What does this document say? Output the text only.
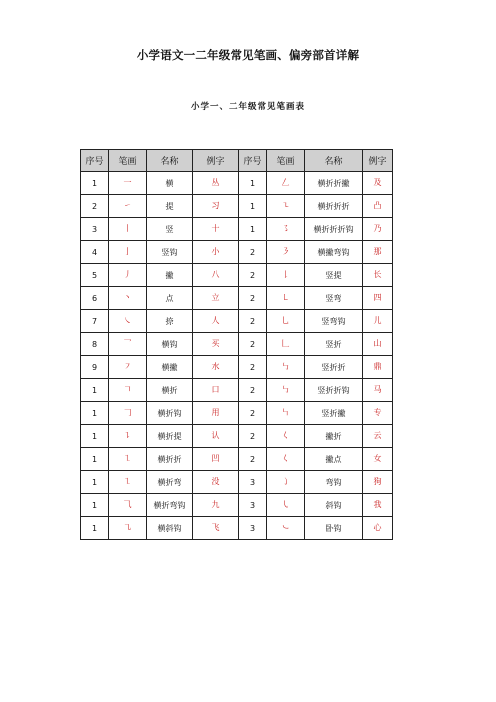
小学语文一二年级常见笔画、偏旁部首详解
小学一、二年级常见笔画表
序号	笔画	名称	例字	序号	笔画	名称	例字
1	一	横	丛	1	𠃋	横折折撇	及
2	㇀	提	习	1	㇍	横折折折	凸
3	丨	竖	十	1	㇌	横折折折钩	乃
4	亅	竖钩	小	2	㇋	横撇弯钩	那
5	丿	撇	八	2	𠄌	竖提	长
6	丶	点	立	2	㇄	竖弯	四
7	㇏	捺	人	2	乚	竖弯钩	儿
8	乛	横钩	买	2	𠃊	竖折	山
9	㇇	横撇	水	2	㇉	竖折折	鼎
1	𠃍	横折	口	2	㇉	竖折折钩	马
1	𠃌	横折钩	用	2	㇞	竖折撇	专
1	㇊	横折提	认	2	𡿨	撇折	云
1	㇅	横折折	凹	2	𡿨	撇点	女
1	㇅	横折弯	没	3	㇁	弯钩	狗
1	⺄	横折弯钩	九	3	㇂	斜钩	我
1	㇈	横斜钩	飞	3	㇃	卧钩	心
